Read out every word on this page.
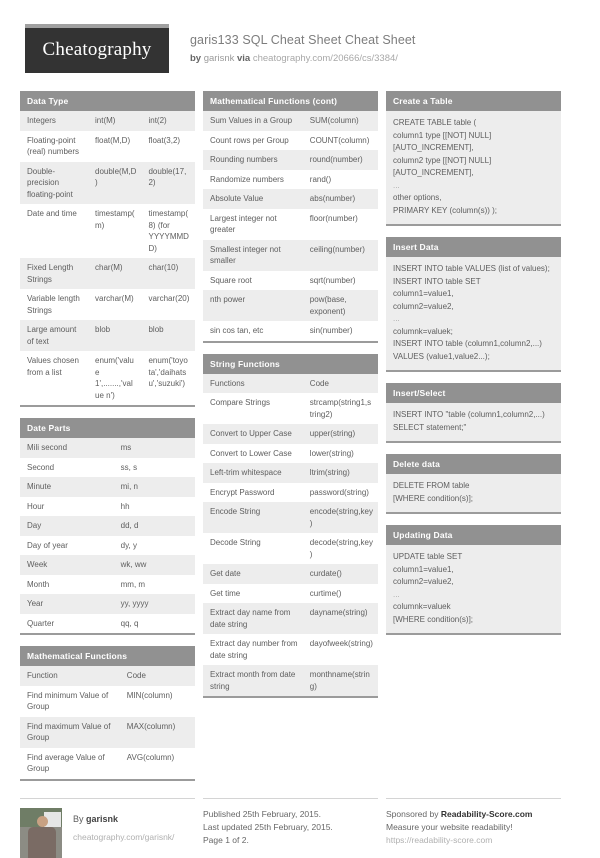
Cheatography	garis133 SQL Cheat Sheet Cheat Sheet
by garisnk via cheatography.com/20666/cs/3384/
Data Type
Integers	int(M)	int(2)
Floating-point (real) numbers	float(M,D)	float(3,2)
Double-precision floating-point	double(M,D)	double(17,2)
Date and time	timestamp(m)	timestamp(8) (for YYYYMMDD)
Fixed Length Strings	char(M)	char(10)
Variable length Strings	varchar(M)	varchar(20)
Large amount of text	blob	blob
Values chosen from a list	enum('value 1',.......,'value n')	enum('toyota','daihatsu','suzuki')
Date Parts
Mili second	ms
Second	ss, s
Minute	mi, n
Hour	hh
Day	dd, d
Day of year	dy, y
Week	wk, ww
Month	mm, m
Year	yy, yyyy
Quarter	qq, q
Mathematical Functions
Function	Code
Find minimum Value of Group	MIN(column)
Find maximum Value of Group	MAX(column)
Find average Value of Group	AVG(column)
Mathematical Functions (cont)
Sum Values in a Group	SUM(column)
Count rows per Group	COUNT(column)
Rounding numbers	round(number)
Randomize numbers	rand()
Absolute Value	abs(number)
Largest integer not greater	floor(number)
Smallest integer not smaller	ceiling(number)
Square root	sqrt(number)
nth power	pow(base, exponent)
sin cos tan, etc	sin(number)
String Functions
Functions	Code
Compare Strings	strcamp(string1,string2)
Convert to Upper Case	upper(string)
Convert to Lower Case	lower(string)
Left-trim whitespace	ltrim(string)
Encrypt Password	password(string)
Encode String	encode(string,key)
Decode String	decode(string,key)
Get date	curdate()
Get time	curtime()
Extract day name from date string	dayname(string)
Extract day number from date string	dayofweek(string)
Extract month from date string	monthname(string)
Create a Table
CREATE TABLE table (
column1 type [[NOT] NULL] [AUTO_INCREMENT],
column2 type [[NOT] NULL] [AUTO_INCREMENT],
...
other options,
PRIMARY KEY (column(s)) );
Insert Data
INSERT INTO table VALUES (list of values);
INSERT INTO table SET
column1=value1,
column2=value2,
...
columnk=valuek;
INSERT INTO table (column1,column2,...) VALUES (value1,value2...);
Insert/Select
INSERT INTO "table (column1,column2,...) SELECT statement;"
Delete data
DELETE FROM table
[WHERE condition(s)];
Updating Data
UPDATE table SET
column1=value1,
column2=value2,
...
columnk=valuek
[WHERE condition(s)];
By garisnk
cheatography.com/garisnk/
Published 25th February, 2015.
Last updated 25th February, 2015.
Page 1 of 2.
Sponsored by Readability-Score.com
Measure your website readability!
https://readability-score.com
